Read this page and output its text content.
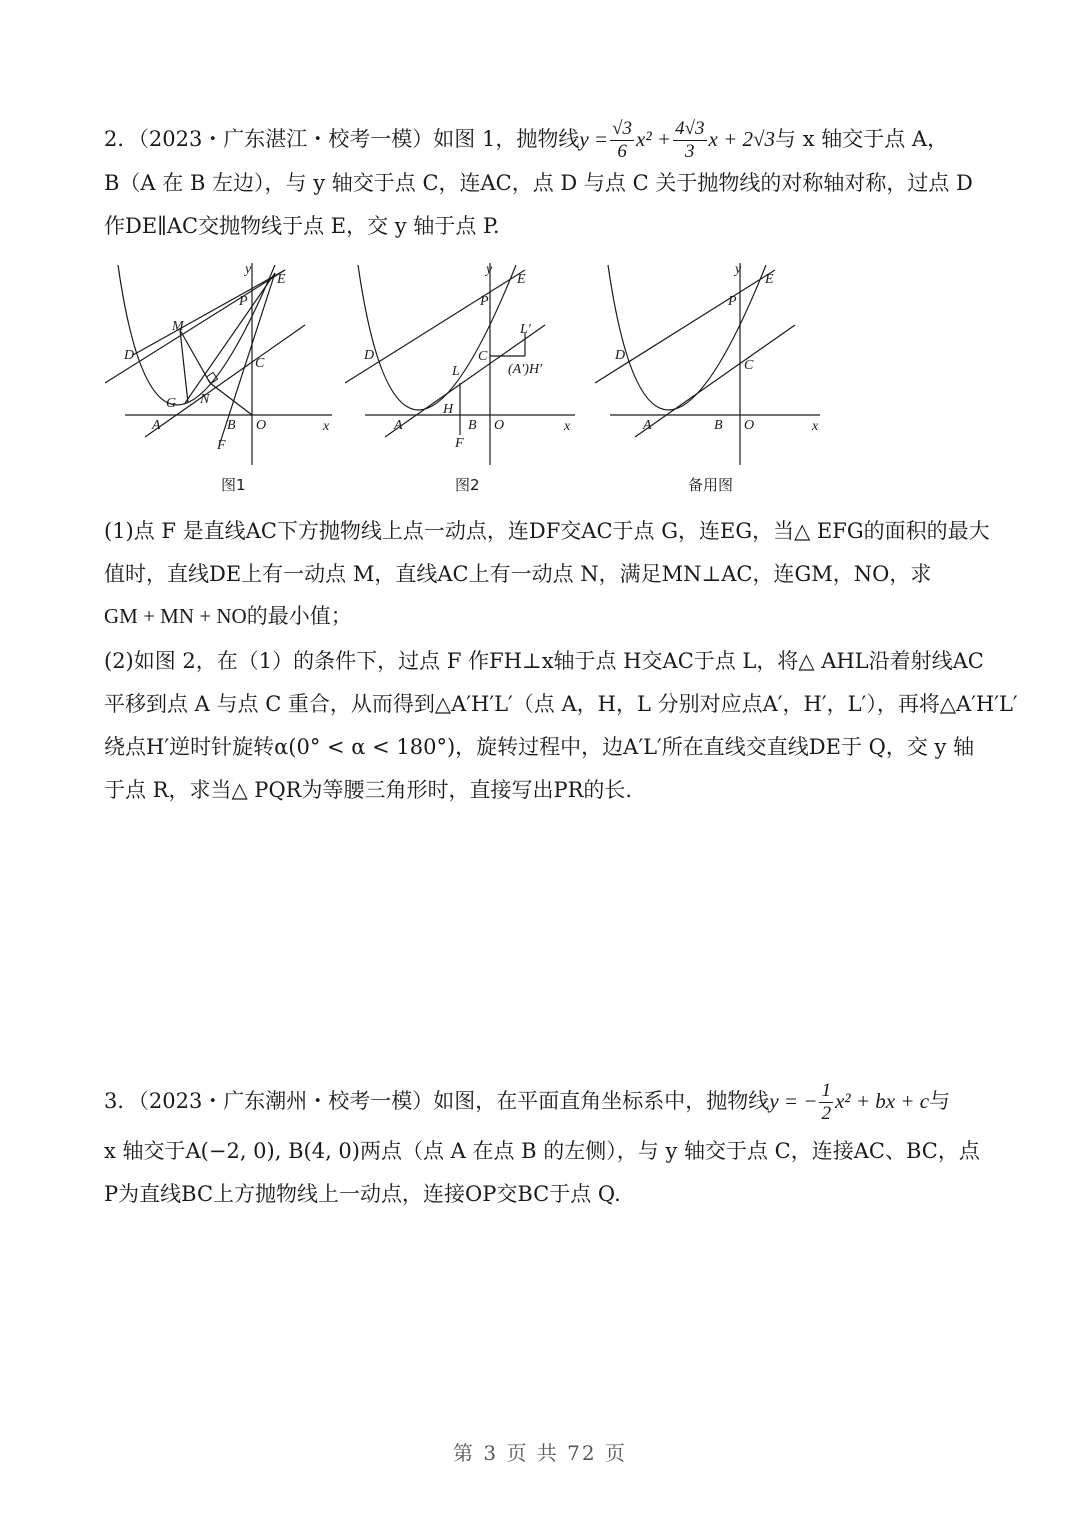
2．（2023・广东湛江・校考一模）如图 1，抛物线$y = \frac{√3}{6} x^2 + \frac{4√3}{3}$ x + 2√3与 x 轴交于点 A，
B（A 在 B 左边），与 y 轴交于点 C，连AC，点 D 与点 C 关于抛物线的对称轴对称，过点 D
作DE∥AC交抛物线于点 E，交 y 轴于点 P.
y
E
P
M
D
C
G N
A	B O
F
x
图1
y
E
P
L′
D	C
(A′)H′
L
H
A	B O
F
x
图2
y
E
P
D
C
A	B O	x
备用图
(1)点 F 是直线AC下方抛物线上点一动点，连DF交AC于点 G，连EG，当△ EFG的面积的最大
值时，直线DE上有一动点 M，直线AC上有一动点 N，满足MN⊥AC，连GM，NO，求
GM + MN + NO的最小值；
(2)如图 2，在（1）的条件下，过点 F 作FH⊥x轴于点 H交AC于点 L，将△ AHL沿着射线AC
平移到点 A 与点 C 重合，从而得到△A′H′L′（点 A，H，L 分别对应点A′，H′，L′），再将△A′H′L′
绕点H′逆时针旋转α(0° < α < 180°)，旋转过程中，边A′L′所在直线交直线DE于 Q，交 y 轴
于点 R，求当△ PQR为等腰三角形时，直接写出PR的长.
3．（2023・广东潮州・校考一模）如图，在平面直角坐标系中，抛物线y = − $\frac{1}{2} x^2$ + bx + c与
x 轴交于A(−2, 0), B(4, 0)两点（点 A 在点 B 的左侧），与 y 轴交于点 C，连接AC、BC，点
P为直线BC上方抛物线上一动点，连接OP交BC于点 Q.
第 3 页 共 72 页
